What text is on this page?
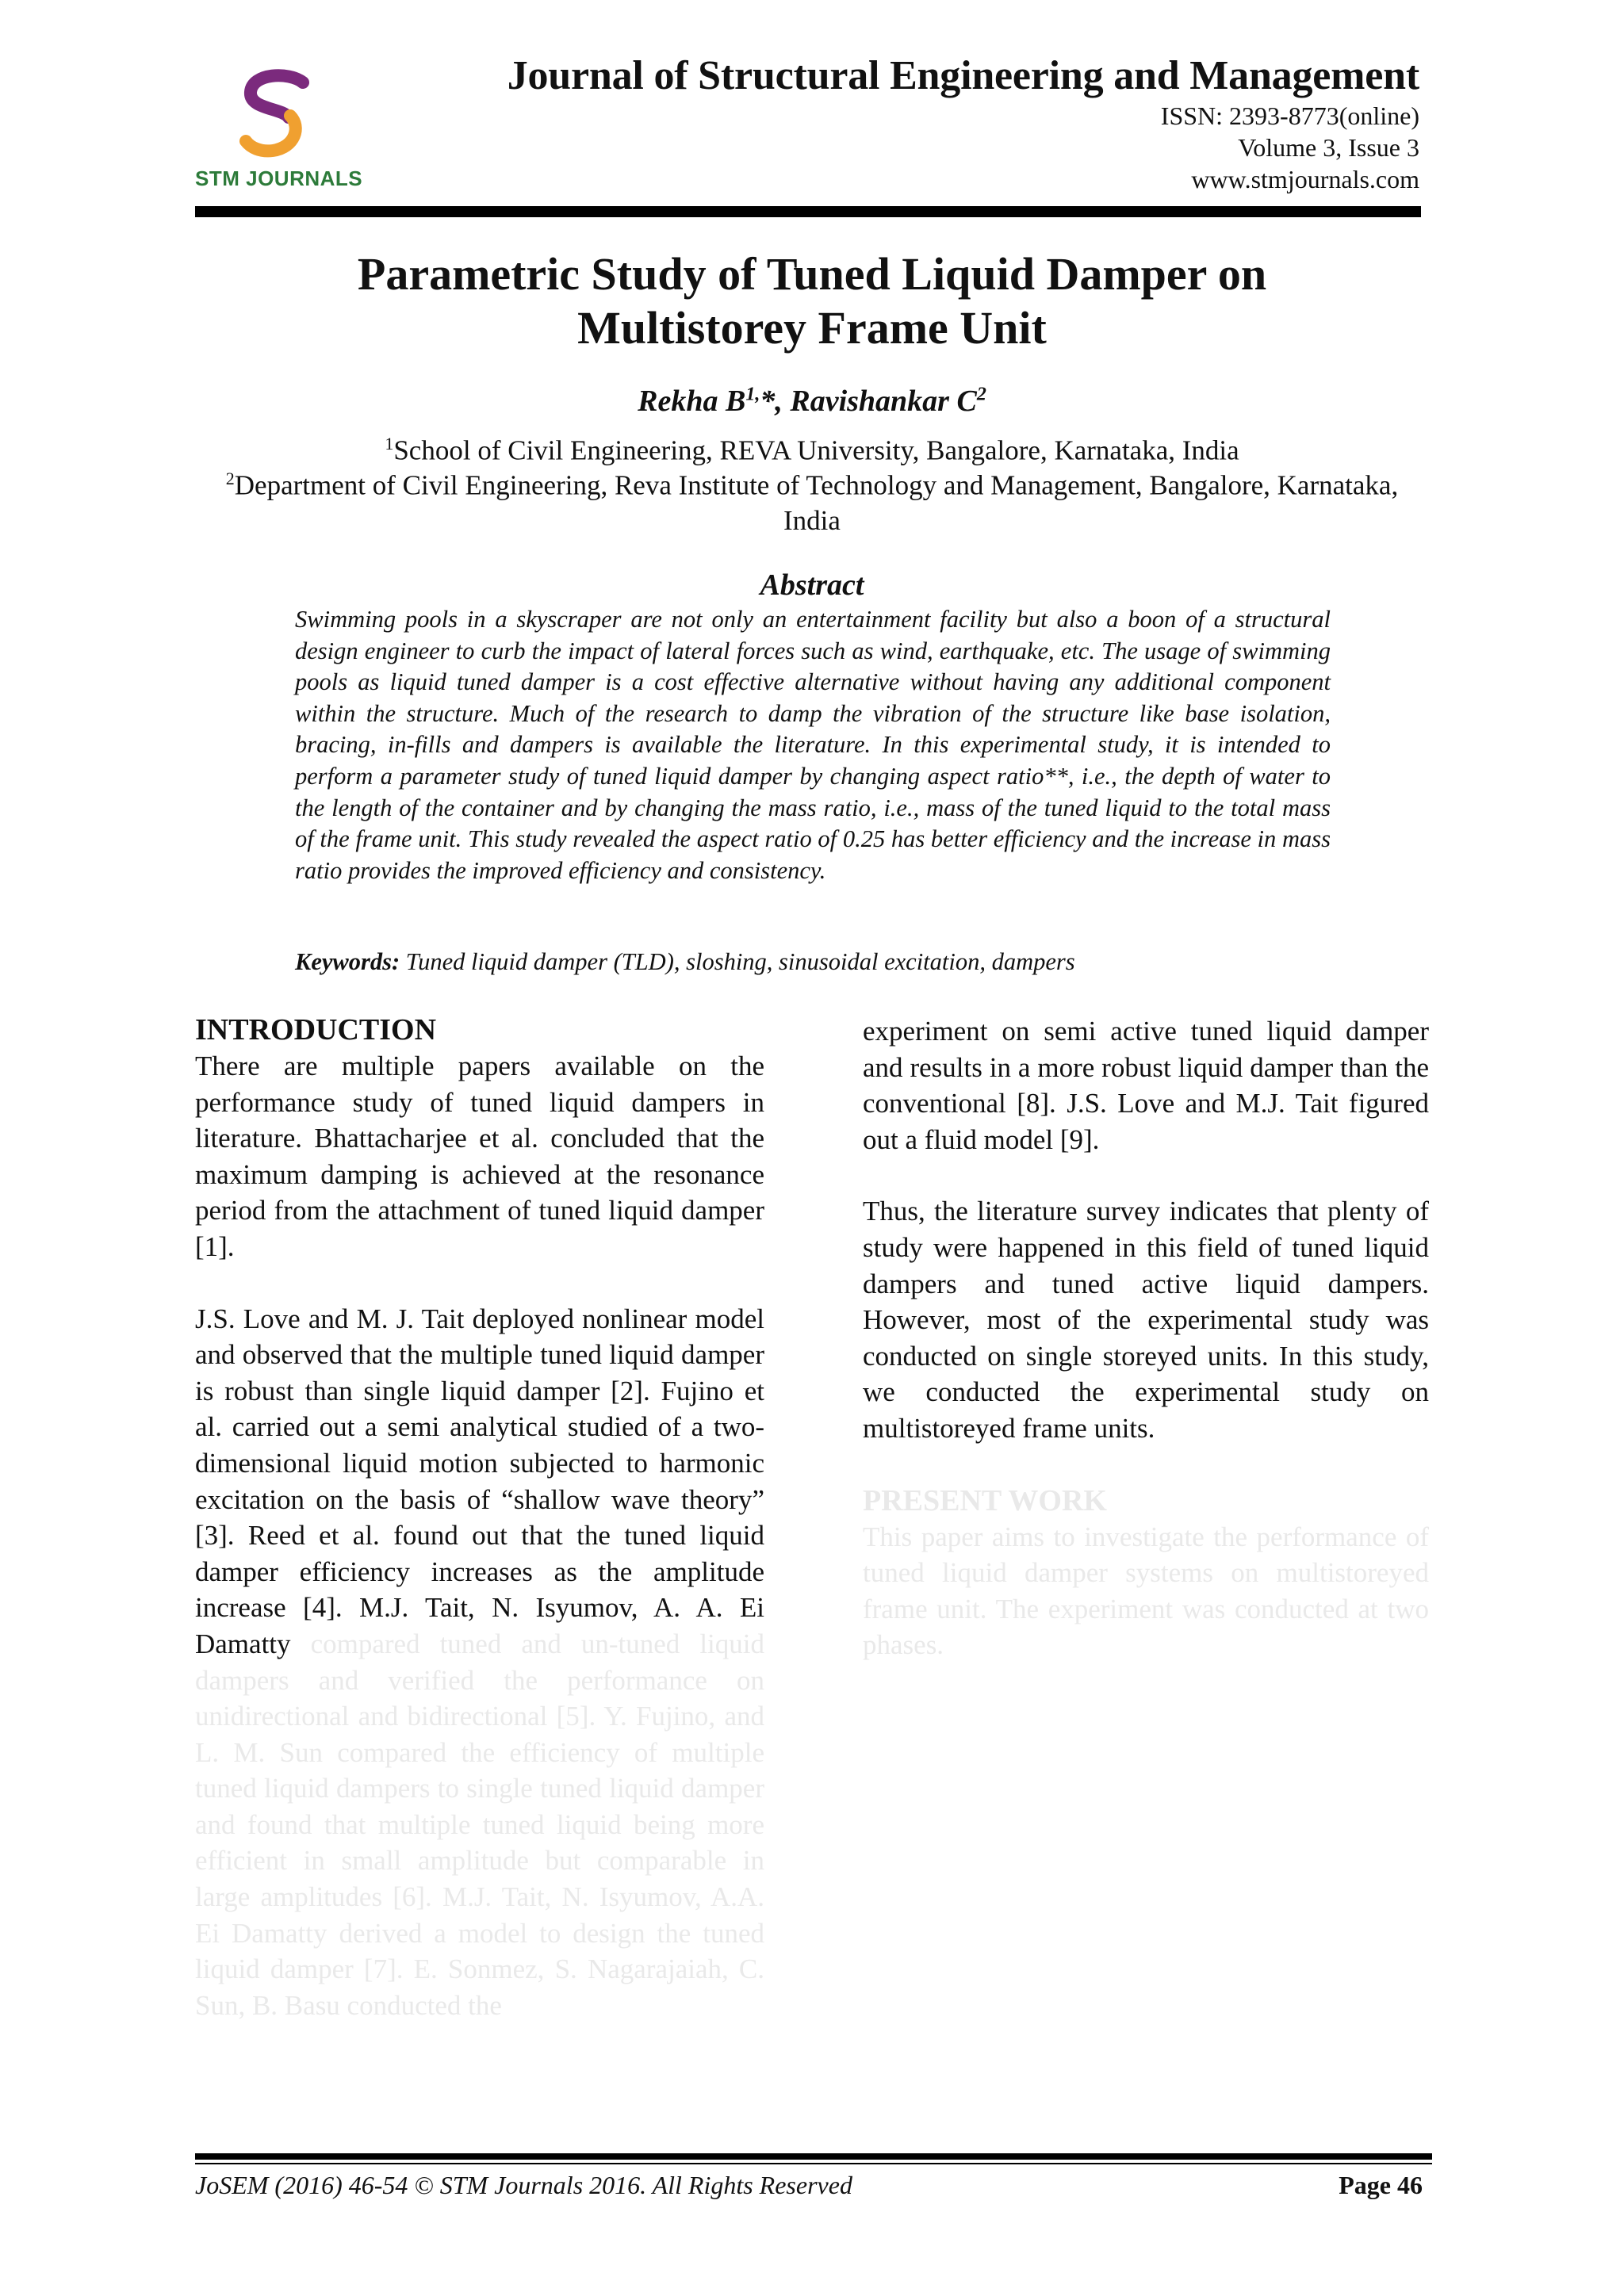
STM JOURNALS
Journal of Structural Engineering and Management
ISSN: 2393-8773(online)
Volume 3, Issue 3
www.stmjournals.com
Parametric Study of Tuned Liquid Damper on
Multistorey Frame Unit
Rekha $B^{1,}*$, Ravishankar $C^2$
$^1$School of Civil Engineering, REVA University, Bangalore, Karnataka, India
$^2$Department of Civil Engineering, Reva Institute of Technology and Management, Bangalore, Karnataka, India
Abstract
Swimming pools in a skyscraper are not only an entertainment facility but also a boon of a structural design engineer to curb the impact of lateral forces such as wind, earthquake, etc. The usage of swimming pools as liquid tuned damper is a cost effective alternative without having any additional component within the structure. Much of the research to damp the vibration of the structure like base isolation, bracing, in-fills and dampers is available the literature. In this experimental study, it is intended to perform a parameter study of tuned liquid damper by changing aspect ratio**, i.e., the depth of water to the length of the container and by changing the mass ratio, i.e., mass of the tuned liquid to the total mass of the frame unit. This study revealed the aspect ratio of 0.25 has better efficiency and the increase in mass ratio provides the improved efficiency and consistency.
Keywords: Tuned liquid damper (TLD), sloshing, sinusoidal excitation, dampers
INTRODUCTION

There are multiple papers available on the performance study of tuned liquid dampers in literature. Bhattacharjee et al. concluded that the maximum damping is achieved at the resonance period from the attachment of tuned liquid damper [1].

J.S. Love and M. J. Tait deployed nonlinear model and observed that the multiple tuned liquid damper is robust than single liquid damper [2]. Fujino et al. carried out a semi analytical studied of a two-dimensional liquid motion subjected to harmonic excitation on the basis of “shallow wave theory” [3]. Reed et al. found out that the tuned liquid damper efficiency increases as the amplitude increase [4]. M.J. Tait, N. Isyumov, A. A. Ei Damatty compared tuned and un-tuned liquid dampers and verified the performance on unidirectional and bidirectional [5]. Y. Fujino, and L. M. Sun compared the efficiency of multiple tuned liquid dampers to single tuned liquid damper and found that multiple tuned liquid being more efficient in small amplitude but comparable in large amplitudes [6]. M.J. Tait, N. Isyumov, A.A. Ei Damatty derived a model to design the tuned liquid damper [7]. E. Sonmez, S. Nagarajaiah, C. Sun, B. Basu conducted the

experiment on semi active tuned liquid damper and results in a more robust liquid damper than the conventional [8]. J.S. Love and M.J. Tait figured out a fluid model [9].

Thus, the literature survey indicates that plenty of study were happened in this field of tuned liquid dampers and tuned active liquid dampers. However, most of the experimental study was conducted on single storeyed units. In this study, we conducted the experimental study on multistoreyed frame units.

PRESENT WORK

This paper aims to investigate the performance of tuned liquid damper systems on multistoreyed frame unit. The experiment was conducted at two phases.

JoSEM (2016) 46-54 © STM Journals 2016. All Rights Reserved	Page 46
